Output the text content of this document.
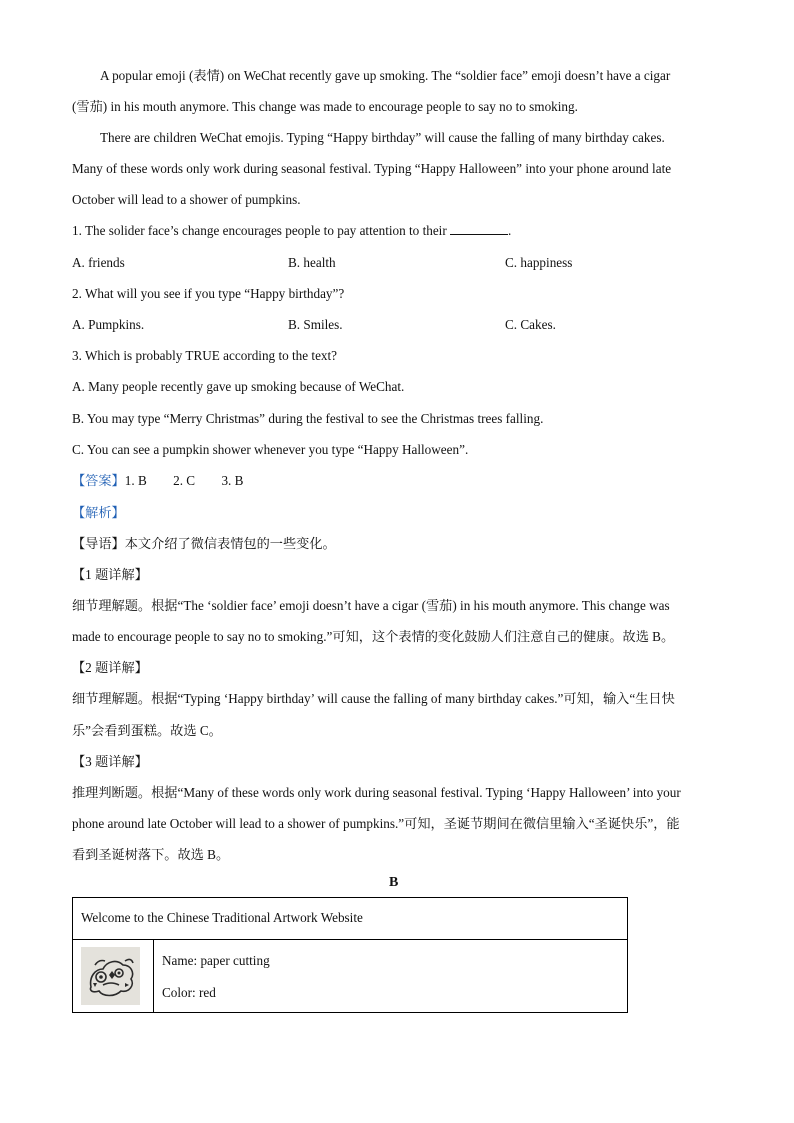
A popular emoji (表情) on WeChat recently gave up smoking. The “soldier face” emoji doesn’t have a cigar
(雪茄) in his mouth anymore. This change was made to encourage people to say no to smoking.
There are children WeChat emojis. Typing “Happy birthday” will cause the falling of many birthday cakes.
Many of these words only work during seasonal festival. Typing “Happy Halloween” into your phone around late
October will lead to a shower of pumpkins.
1. The solider face’s change encourages people to pay attention to their	.
A. friends	B. health	C. happiness
2. What will you see if you type “Happy birthday”?
A. Pumpkins.	B. Smiles.	C. Cakes.
3. Which is probably TRUE according to the text?
A. Many people recently gave up smoking because of WeChat.
B. You may type “Merry Christmas” during the festival to see the Christmas trees falling.
C. You can see a pumpkin shower whenever you type “Happy Halloween”.
【答案】1. B        2. C        3. B
【解析】
【导语】本文介绍了微信表情包的一些变化。
【1 题详解】
细节理解题。根据“The ‘soldier face’ emoji doesn’t have a cigar (雪茄) in his mouth anymore. This change was
made to encourage people to say no to smoking.”可知，这个表情的变化鼓励人们注意自己的健康。故选 B。
【2 题详解】
细节理解题。根据“Typing ‘Happy birthday’ will cause the falling of many birthday cakes.”可知，输入“生日快
乐”会看到蛋糕。故选 C。
【3 题详解】
推理判断题。根据“Many of these words only work during seasonal festival. Typing ‘Happy Halloween’ into your
phone around late October will lead to a shower of pumpkins.”可知，圣诞节期间在微信里输入“圣诞快乐”，能
看到圣诞树落下。故选 B。
B
Welcome to the Chinese Traditional Artwork Website
Name: paper cutting
Color: red
